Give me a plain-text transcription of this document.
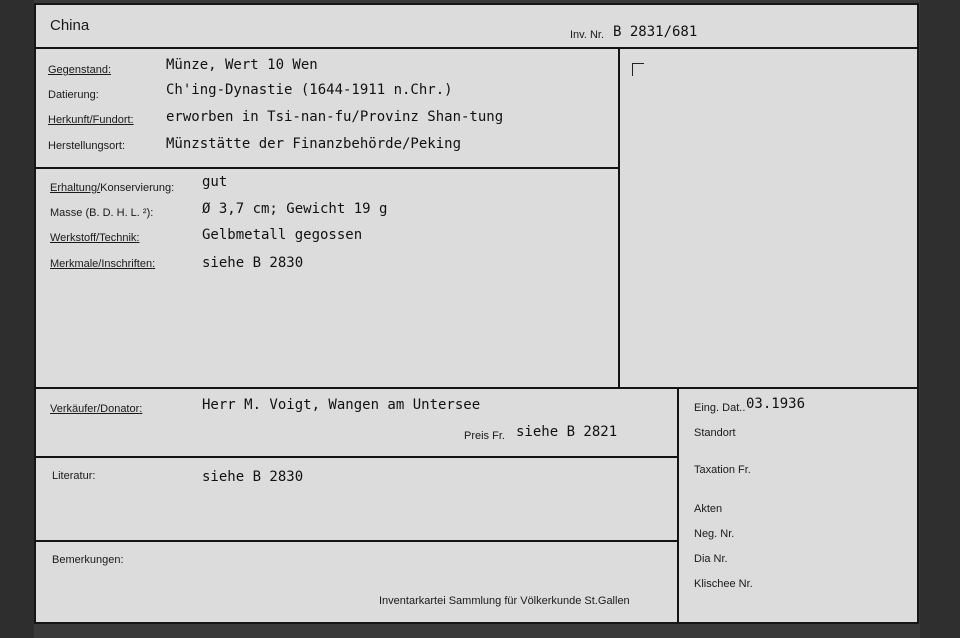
China
Inv. Nr. B 2831/681
Gegenstand :	Münze, Wert 10 Wen
Datierung :	Ch'ing-Dynastie (1644-1911 n.Chr.)
Herkunft/Fundort :	erworben in Tsi-nan-fu/Provinz Shan-tung
Herstellungsort :	Münzstätte der Finanzbehörde/Peking
Erhaltung/Konservierung : gut
Masse (B. D. H. L. ²) :	Ø 3,7 cm; Gewicht 19 g
Werkstoff/Technik :	Gelbmetall gegossen
Merkmale/Inschriften :	siehe B 2830
Verkäufer/Donator :	Herr M. Voigt, Wangen am Untersee
Preis Fr. siehe B 2821
Literatur :	siehe B 2830
Bemerkungen :
Inventarkartei Sammlung für Völkerkunde St.Gallen
Eing. Dat. . 03.1936
Standort
Taxation Fr.
Akten
Neg. Nr.
Dia Nr.
Klischee Nr.
